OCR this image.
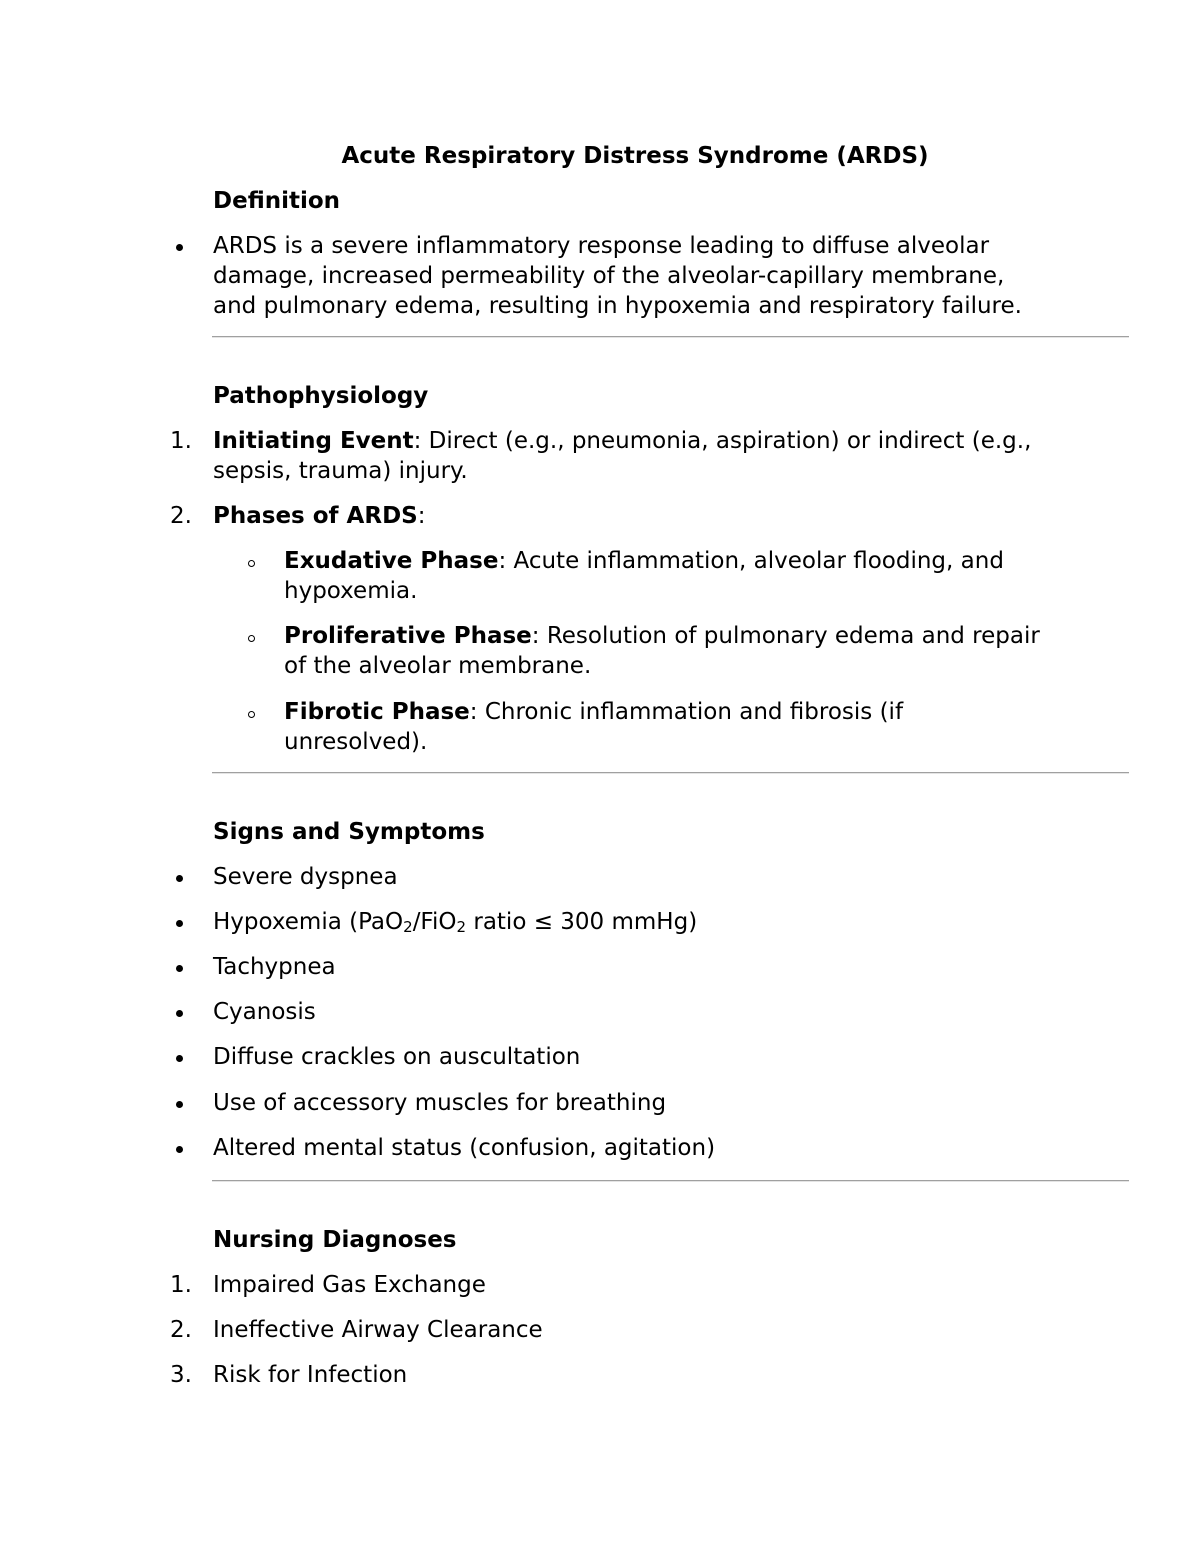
Acute Respiratory Distress Syndrome (ARDS)
Definition
ARDS is a severe inflammatory response leading to diffuse alveolar
damage, increased permeability of the alveolar-capillary membrane,
and pulmonary edema, resulting in hypoxemia and respiratory failure.
Pathophysiology
1. Initiating Event: Direct (e.g., pneumonia, aspiration) or indirect (e.g.,
sepsis, trauma) injury.
2. Phases of ARDS:
Exudative Phase: Acute inflammation, alveolar flooding, and
hypoxemia.
Proliferative Phase: Resolution of pulmonary edema and repair
of the alveolar membrane.
Fibrotic Phase: Chronic inflammation and fibrosis (if
unresolved).
Signs and Symptoms
Severe dyspnea
Hypoxemia (PaO$_2$/FiO$_2$ ratio ≤ 300 mmHg)
Tachypnea
Cyanosis
Diffuse crackles on auscultation
Use of accessory muscles for breathing
Altered mental status (confusion, agitation)
Nursing Diagnoses
1. Impaired Gas Exchange
2. Ineffective Airway Clearance
3. Risk for Infection
